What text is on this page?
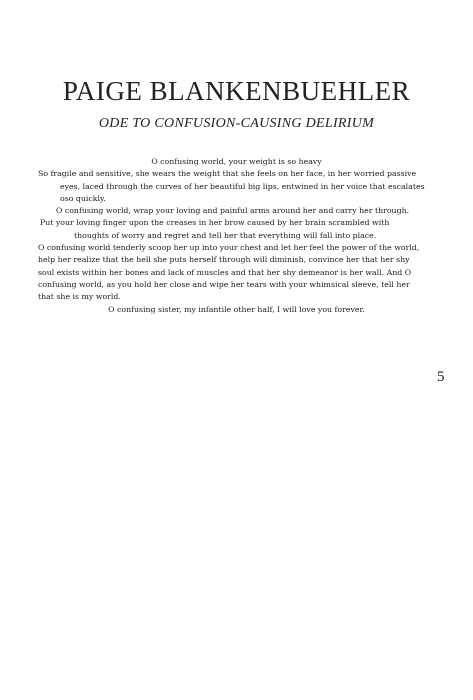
PAIGE BLANKENBUEHLER
ODE TO CONFUSION-CAUSING DELIRIUM
O confusing world, your weight is so heavy
So fragile and sensitive, she wears the weight that she feels on her face, in her worried passive
eyes, laced through the curves of her beautiful big lips, entwined in her voice that escalates
oso quickly.
O confusing world, wrap your loving and painful arms around her and carry her through.
Put your loving finger upon the creases in her brow caused by her brain scrambled with
thoughts of worry and regret and tell her that everything will fall into place.
O confusing world tenderly scoop her up into your chest and let her feel the power of the world,
help her realize that the hell she puts herself through will diminish, convince her that her shy
soul exists within her bones and lack of muscles and that her shy demeanor is her wall. And O
confusing world, as you hold her close and wipe her tears with your whimsical sleeve, tell her
that she is my world.
O confusing sister, my infantile other half, I will love you forever.
5
